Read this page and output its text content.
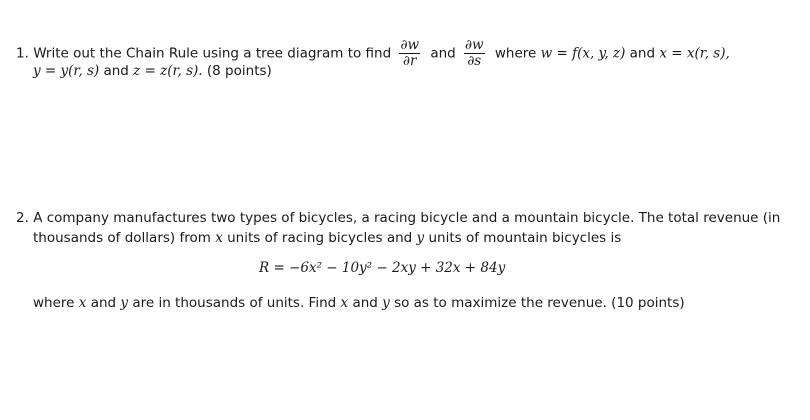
1. Write out the Chain Rule using a tree diagram to find $\frac{\partial w}{\partial r}$ and $\frac{\partial w}{\partial s}$ where w = f(x, y, z) and x = x(r, s),
y = y(r, s) and z = z(r, s). (8 points)
2. A company manufactures two types of bicycles, a racing bicycle and a mountain bicycle. The total revenue (in
thousands of dollars) from x units of racing bicycles and y units of mountain bicycles is
R = −6x² − 10y² − 2xy + 32x + 84y
where x and y are in thousands of units. Find x and y so as to maximize the revenue. (10 points)
